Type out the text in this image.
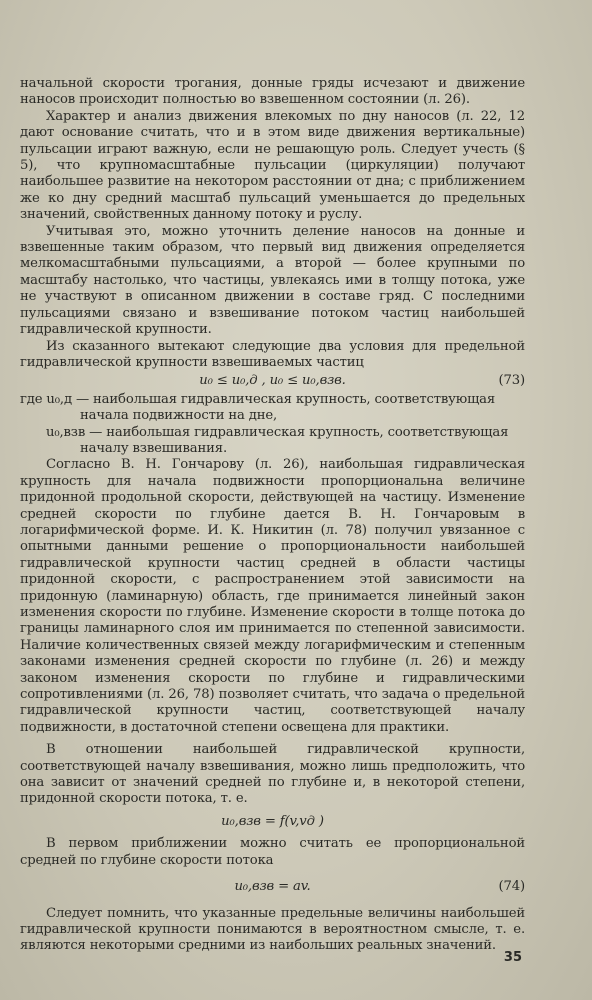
начальной скорости трогания, донные гряды исчезают и движение наносов происходит полностью во взвешенном состоянии (л. 26).

Характер и анализ движения влекомых по дну наносов (л. 22, 12 дают основание считать, что и в этом виде движения вертикальные) пульсации играют важную, если не решающую роль. Следует учесть (§ 5), что крупномасштабные пульсации (циркуляции) получают наибольшее развитие на некотором расстоянии от дна; с приближением же ко дну средний масштаб пульсаций уменьшается до предельных значений, свойственных данному потоку и руслу.

Учитывая это, можно уточнить деление наносов на донные и взвешенные таким образом, что первый вид движения определяется мелкомасштабными пульсациями, а второй — более крупными по масштабу настолько, что частицы, увлекаясь ими в толщу потока, уже не участвуют в описанном движении в составе гряд. С последними пульсациями связано и взвешивание потоком частиц наибольшей гидравлической крупности.

Из сказанного вытекают следующие два условия для предельной гидравлической крупности взвешиваемых частиц

u₀ ≤ u₀,д , u₀ ≤ u₀,взв.	(73)
где u₀,д — наибольшая гидравлическая крупность, соответствующая
начала подвижности на дне,
u₀,взв — наибольшая гидравлическая крупность, соответствующая
началу взвешивания.

Согласно В. Н. Гончарову (л. 26), наибольшая гидравлическая крупность для начала подвижности пропорциональна величине придонной продольной скорости, действующей на частицу. Изменение средней скорости по глубине дается В. Н. Гончаровым в логарифмической форме. И. К. Никитин (л. 78) получил увязанное с опытными данными решение о пропорциональности наибольшей гидравлической крупности частиц средней в области частицы придонной скорости, с распространением этой зависимости на придонную (ламинарную) область, где принимается линейный закон изменения скорости по глубине. Изменение скорости в толще потока до границы ламинарного слоя им принимается по степенной зависимости. Наличие количественных связей между логарифмическим и степенным законами изменения средней скорости по глубине (л. 26) и между законом изменения скорости по глубине и гидравлическими сопротивлениями (л. 26, 78) позволяет считать, что задача о предельной гидравлической крупности частиц, соответствующей началу подвижности, в достаточной степени освещена для практики.

В отношении наибольшей гидравлической крупности, соответствующей началу взвешивания, можно лишь предположить, что она зависит от значений средней по глубине и, в некоторой степени, придонной скорости потока, т. е.

u₀,взв = f(v,vд )

В первом приближении можно считать ее пропорциональной средней по глубине скорости потока

u₀,взв = av.	(74)

Следует помнить, что указанные предельные величины наибольшей гидравлической крупности понимаются в вероятностном смысле, т. е. являются некоторыми средними из наибольших реальных значений.

35
